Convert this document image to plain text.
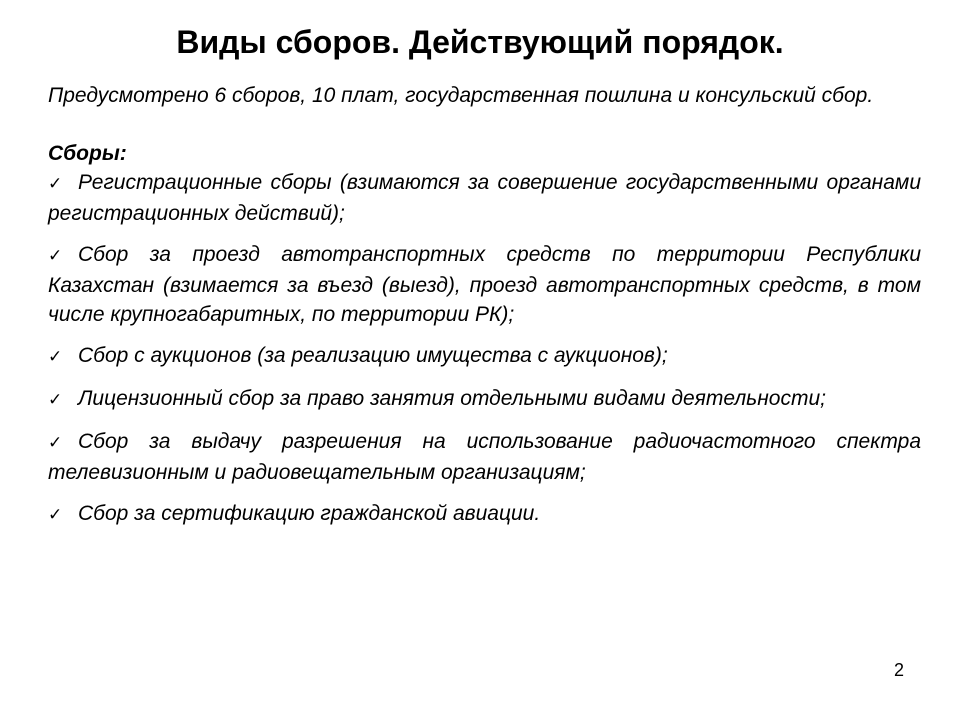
Виды сборов. Действующий порядок.

Предусмотрено 6 сборов, 10 плат, государственная пошлина и консульский сбор.

Сборы:

✓ Регистрационные сборы (взимаются за совершение государственными органами регистрационных действий);
✓ Сбор за проезд автотранспортных средств по территории Республики Казахстан (взимается за въезд (выезд), проезд автотранспортных средств, в том числе крупногабаритных, по территории РК);
✓ Сбор с аукционов (за реализацию имущества с аукционов);
✓ Лицензионный сбор за право занятия отдельными видами деятельности;
✓ Сбор за выдачу разрешения на использование радиочастотного спектра телевизионным и радиовещательным организациям;
✓ Сбор за сертификацию гражданской авиации.
2
